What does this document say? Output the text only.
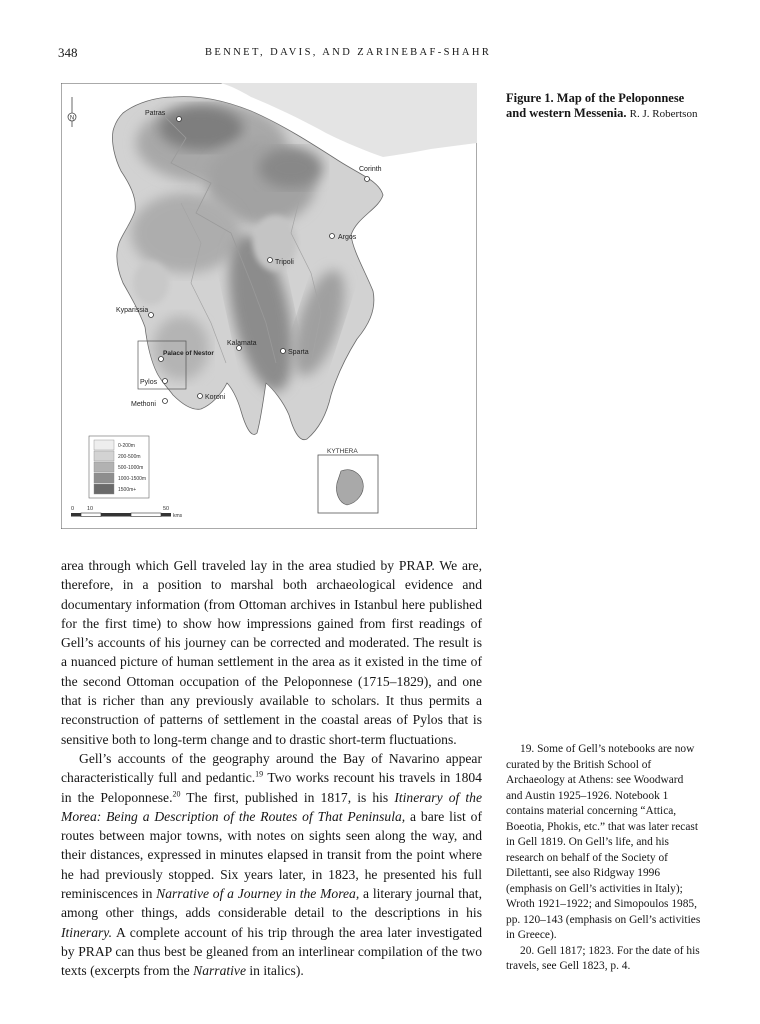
348	BENNET, DAVIS, AND ZARINEBAF-SHAHR
KYTHERA
N
Patras
Corinth
Argos
Tripoli
Kyparissia
Kalamata
Sparta
Palace of Nestor
Pylos
Methoni
Koroni
0-200m
200-500m
500-1000m
1000-1500m
1500m+
0 10	50
kms
Figure 1. Map of the Peloponnese and western Messenia. R. J. Robertson

area through which Gell traveled lay in the area studied by PRAP. We are, therefore, in a position to marshal both archaeological evidence and documentary information (from Ottoman archives in Istanbul here published for the first time) to show how impressions gained from first readings of Gell’s accounts of his journey can be corrected and moderated. The result is a nuanced picture of human settlement in the area as it existed in the time of the second Ottoman occupation of the Peloponnese (1715–1829), and one that is richer than any previously available to scholars. It thus permits a reconstruction of patterns of settlement in the coastal areas of Pylos that is sensitive both to long-term change and to drastic short-term fluctuations.

Gell’s accounts of the geography around the Bay of Navarino appear characteristically full and pedantic.$^{19}$ Two works recount his travels in 1804 in the Peloponnese.$^{20}$ The first, published in 1817, is his Itinerary of the Morea: Being a Description of the Routes of That Peninsula, a bare list of routes between major towns, with notes on sights seen along the way, and their distances, expressed in minutes elapsed in transit from the point where he had previously stopped. Six years later, in 1823, he presented his full reminiscences in Narrative of a Journey in the Morea, a literary journal that, among other things, adds considerable detail to the descriptions in his Itinerary. A complete account of his trip through the area later investigated by PRAP can thus best be gleaned from an interlinear compilation of the two texts (excerpts from the Narrative in italics).

19. Some of Gell’s notebooks are now curated by the British School of Archaeology at Athens: see Woodward and Austin 1925–1926. Notebook 1 contains material concerning “Attica, Boeotia, Phokis, etc.” that was later recast in Gell 1819. On Gell’s life, and his research on behalf of the Society of Dilettanti, see also Ridgway 1996 (emphasis on Gell’s activities in Italy); Wroth 1921–1922; and Simopoulos 1985, pp. 120–143 (emphasis on Gell’s activities in Greece).

20. Gell 1817; 1823. For the date of his travels, see Gell 1823, p. 4.
